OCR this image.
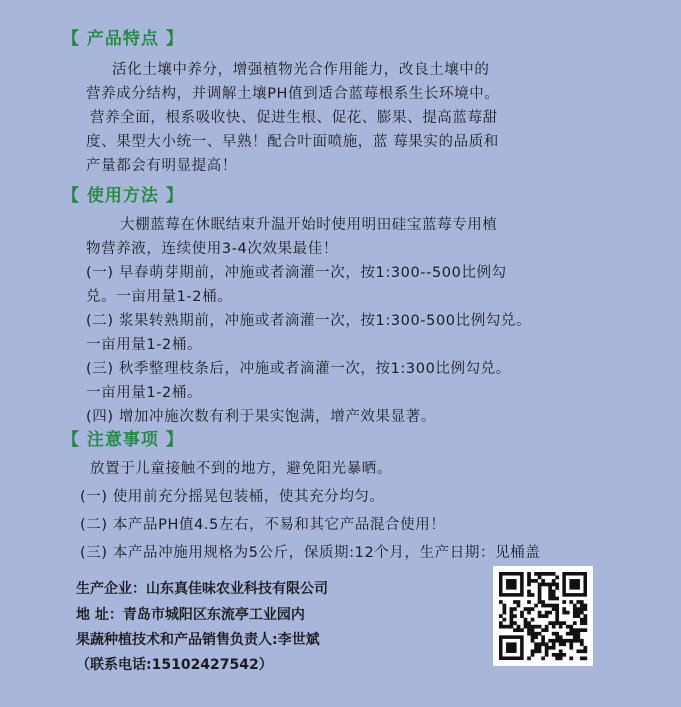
【 产品特点 】
活化土壤中养分，增强植物光合作用能力，改良土壤中的
营养成分结构，并调解土壤PH值到适合蓝莓根系生长环境中。
营养全面，根系吸收快、促进生根、促花、膨果、提高蓝莓甜
度、果型大小统一、早熟！配合叶面喷施，蓝 莓果实的品质和
产量都会有明显提高！
【 使用方法 】
大棚蓝莓在休眠结束升温开始时使用明田硅宝蓝莓专用植
物营养液，连续使用3-4次效果最佳！
(一) 早春萌芽期前，冲施或者滴灌一次，按1:300--500比例勾
兑。一亩用量1-2桶。
(二) 浆果转熟期前，冲施或者滴灌一次，按1:300-500比例勾兑。
一亩用量1-2桶。
(三) 秋季整理枝条后，冲施或者滴灌一次，按1:300比例勾兑。
一亩用量1-2桶。
(四) 增加冲施次数有利于果实饱满，增产效果显著。
【 注意事项 】
放置于儿童接触不到的地方，避免阳光暴晒。
(一) 使用前充分摇晃包装桶，使其充分均匀。
(二) 本产品PH值4.5左右，不易和其它产品混合使用！
(三) 本产品冲施用规格为5公斤，保质期:12个月，生产日期：见桶盖
生产企业：山东真佳味农业科技有限公司
地 址：青岛市城阳区东流亭工业园内
果蔬种植技术和产品销售负责人:李世斌
（联系电话:15102427542）
